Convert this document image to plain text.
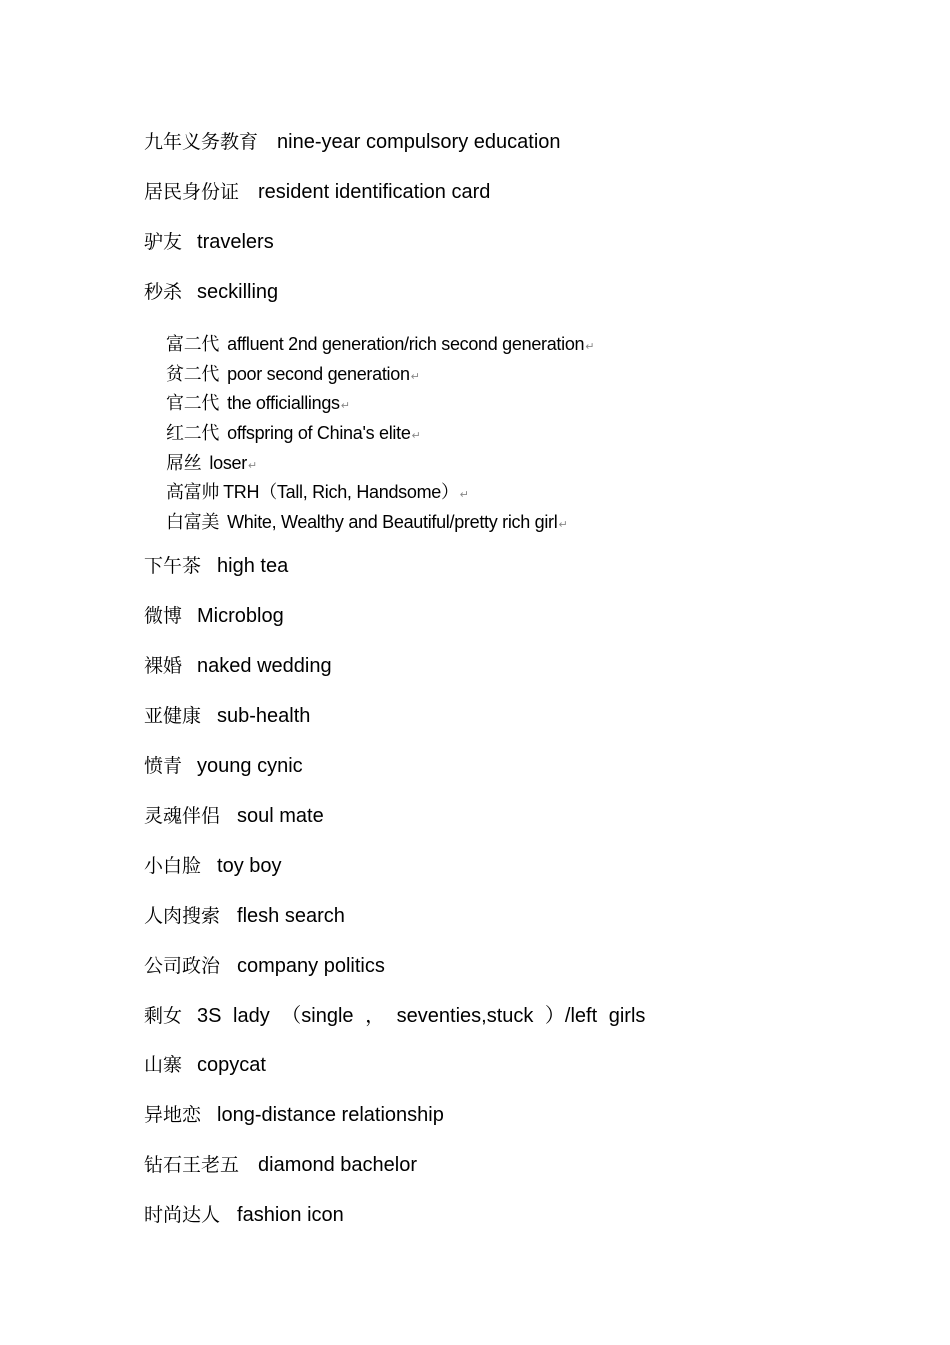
九年义务教育 nine-year compulsory education
居民身份证 resident identification card
驴友 travelers
秒杀 seckilling
富二代 affluent 2nd generation/rich second generation↵
贫二代 poor second generation↵
官二代 the officiallings↵
红二代 offspring of China's elite↵
屌丝 loser↵
高富帅 TRH（Tall, Rich, Handsome）↵
白富美 White, Wealthy and Beautiful/pretty rich girl↵
下午茶 high tea
微博 Microblog
裸婚 naked wedding
亚健康 sub-health
愤青 young cynic
灵魂伴侣 soul mate
小白脸 toy boy
人肉搜索 flesh search
公司政治 company politics
剩女 3S lady （single ， seventies,stuck ）/left girls
山寨 copycat
异地恋 long-distance relationship
钻石王老五 diamond bachelor
时尚达人 fashion icon
